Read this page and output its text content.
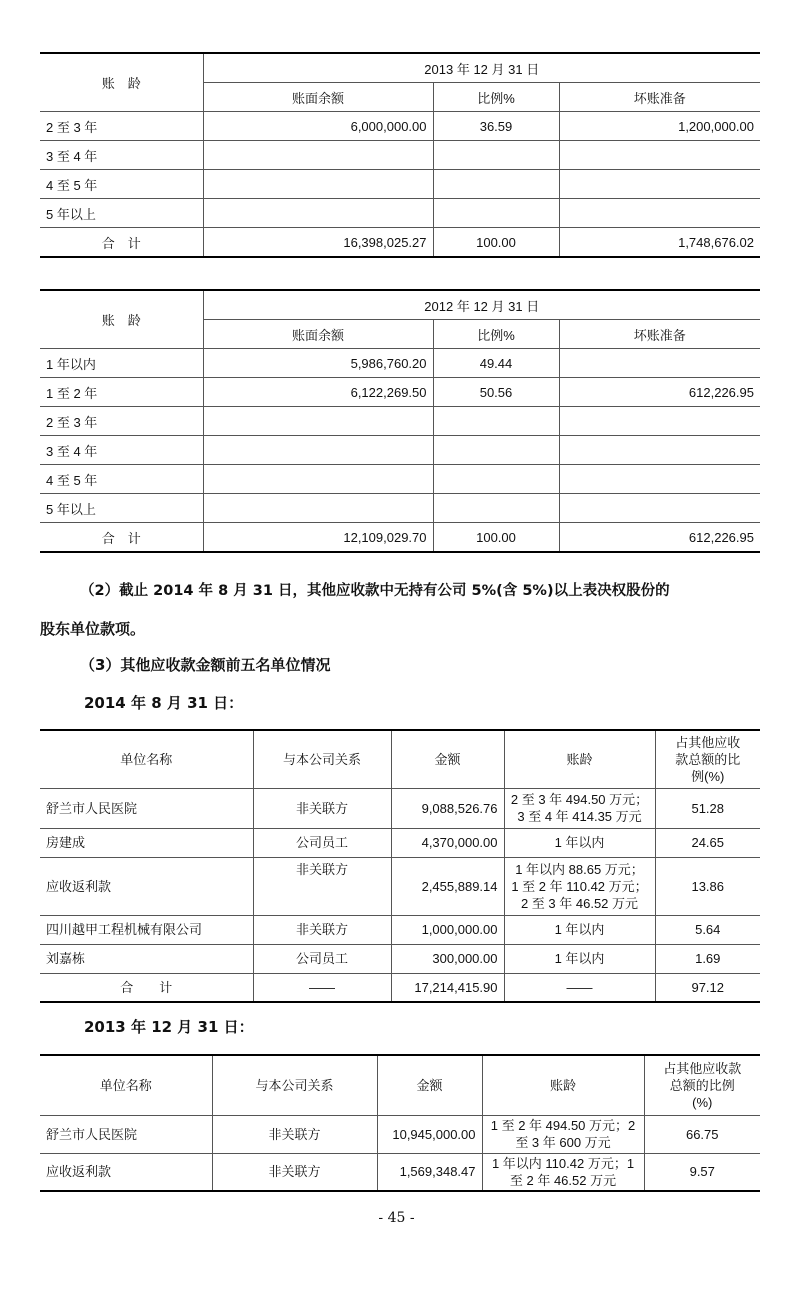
账　龄	2013 年 12 月 31 日		
	账面余额	比例%	坏账准备
2 至 3 年	6,000,000.00	36.59	1,200,000.00
3 至 4 年			
4 至 5 年			
5 年以上			
合　计	16,398,025.27	100.00	1,748,676.02
账　龄	2012 年 12 月 31 日		
	账面余额	比例%	坏账准备
1 年以内	5,986,760.20	49.44	
1 至 2 年	6,122,269.50	50.56	612,226.95
2 至 3 年			
3 至 4 年			
4 至 5 年			
5 年以上			
合　计	12,109,029.70	100.00	612,226.95

（2）截止 2014 年 8 月 31 日，其他应收款中无持有公司 5%(含 5%)以上表决权股份的

股东单位款项。

（3）其他应收款金额前五名单位情况

2014 年 8 月 31 日：

单位名称	与本公司关系	金额	账龄	占其他应收
款总额的比
例(%)

舒兰市人民医院	非关联方	9,088,526.76	2 至 3 年 494.50 万元；
3 至 4 年 414.35 万元	51.28
房建成	公司员工	4,370,000.00	1 年以内	24.65
应收返利款	非关联方	2,455,889.14	1 年以内 88.65 万元；
1 至 2 年 110.42 万元；
2 至 3 年 46.52 万元	13.86
四川越甲工程机械有限公司	非关联方	1,000,000.00	1 年以内	5.64
刘嘉栋	公司员工	300,000.00	1 年以内	1.69
合　　计	——	17,214,415.90	——	97.12

2013 年 12 月 31 日：

单位名称	与本公司关系	金额	账龄	占其他应收款
总额的比例
(%)

舒兰市人民医院	非关联方	10,945,000.00	1 至 2 年 494.50 万元；2
至 3 年 600 万元	66.75
应收返利款	非关联方	1,569,348.47	1 年以内 110.42 万元；1
至 2 年 46.52 万元	9.57
- 45 -
